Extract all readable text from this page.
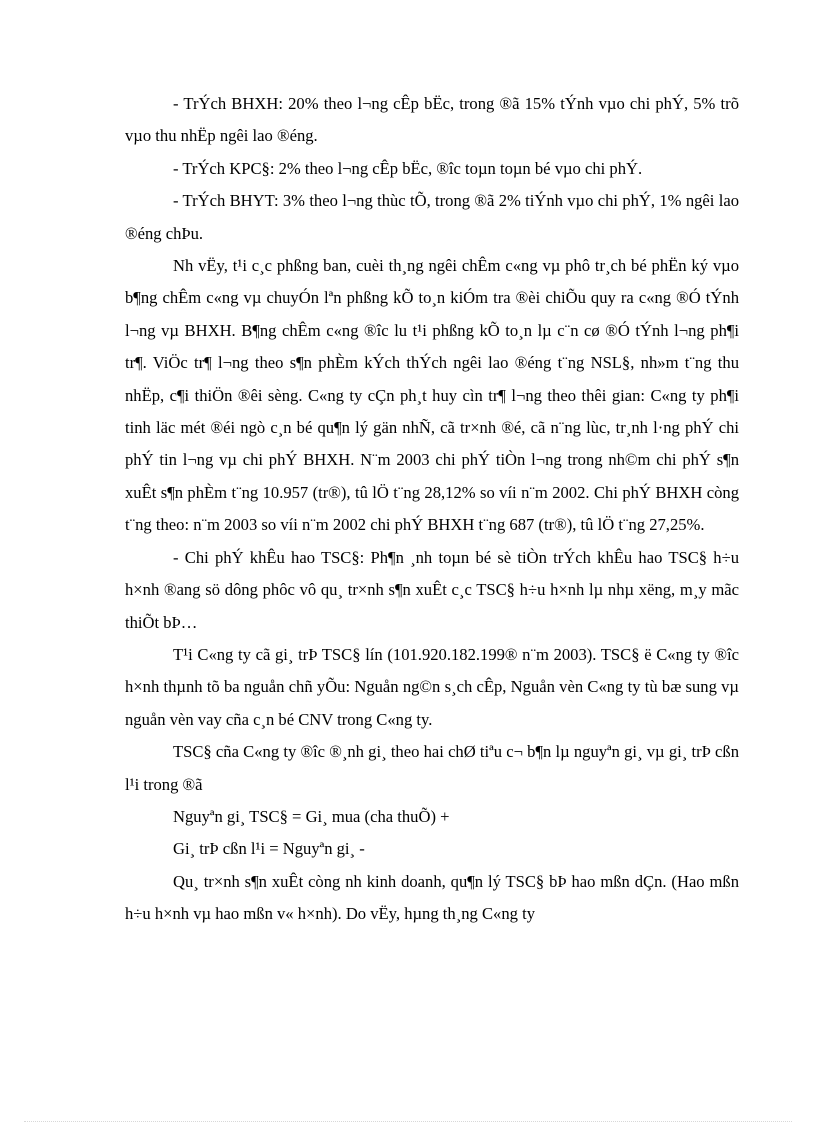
- TrÝch BHXH: 20% theo l¬ng cÊp bËc, trong ®ã 15% tÝnh vµo chi phÝ, 5% trõ vµo thu nhËp ngêi lao ®éng.

- TrÝch KPC§: 2% theo l¬ng cÊp bËc, ®îc toµn toµn bé vµo chi phÝ.

- TrÝch BHYT: 3% theo l¬ng thùc tÕ, trong ®ã 2% tiÝnh vµo chi phÝ, 1% ngêi lao ®éng chÞu.

Nh vËy, t¹i c¸c phßng ban, cuèi th¸ng ngêi chÊm c«ng vµ phô tr¸ch bé phËn ký vµo b¶ng chÊm c«ng vµ chuyÓn lªn phßng kÕ to¸n kiÓm tra ®èi chiÕu quy ra c«ng ®Ó tÝnh l¬ng vµ BHXH. B¶ng chÊm c«ng ®îc lu t¹i phßng kÕ to¸n lµ c¨n cø ®Ó tÝnh l¬ng ph¶i tr¶. ViÖc tr¶ l¬ng theo s¶n phÈm kÝch thÝch ngêi lao ®éng t¨ng NSL§, nh»m t¨ng thu nhËp, c¶i thiÖn ®êi sèng. C«ng ty cÇn ph¸t huy cìn tr¶ l¬ng theo thêi gian: C«ng ty ph¶i tinh läc mét ®éi ngò c¸n bé qu¶n lý gän nhÑ, cã tr×nh ®é, cã n¨ng lùc, tr¸nh l·ng phÝ chi phÝ tin l¬ng vµ chi phÝ BHXH. N¨m 2003 chi phÝ tiÒn l¬ng trong nh©m chi phÝ s¶n xuÊt s¶n phÈm t¨ng 10.957 (tr®), tû lÖ t¨ng 28,12% so víi n¨m 2002. Chi phÝ BHXH còng t¨ng theo: n¨m 2003 so víi n¨m 2002 chi phÝ BHXH t¨ng 687 (tr®), tû lÖ t¨ng 27,25%.

- Chi phÝ khÊu hao TSC§: Ph¶n ¸nh toµn bé sè tiÒn trÝch khÊu hao TSC§ h÷u h×nh ®ang sö dông phôc vô qu¸ tr×nh s¶n xuÊt c¸c TSC§ h÷u h×nh lµ nhµ xëng, m¸y mãc thiÕt bÞ…

T¹i C«ng ty cã gi¸ trÞ TSC§ lín (101.920.182.199® n¨m 2003). TSC§ ë C«ng ty ®îc h×nh thµnh tõ ba nguån chñ yÕu: Nguån ng©n s¸ch cÊp, Nguån vèn C«ng ty tù bæ sung vµ nguån vèn vay cña c¸n bé CNV trong C«ng ty.

TSC§ cña C«ng ty ®îc ®¸nh gi¸ theo hai chØ tiªu c¬ b¶n lµ nguyªn gi¸ vµ gi¸ trÞ cßn l¹i trong ®ã

Nguyªn gi¸ TSC§ = Gi¸ mua (cha thuÕ) +

Gi¸ trÞ cßn l¹i = Nguyªn gi¸ -

Qu¸ tr×nh s¶n xuÊt còng nh kinh doanh, qu¶n lý TSC§ bÞ hao mßn dÇn. (Hao mßn h÷u h×nh vµ hao mßn v« h×nh). Do vËy, hµng th¸ng C«ng ty
